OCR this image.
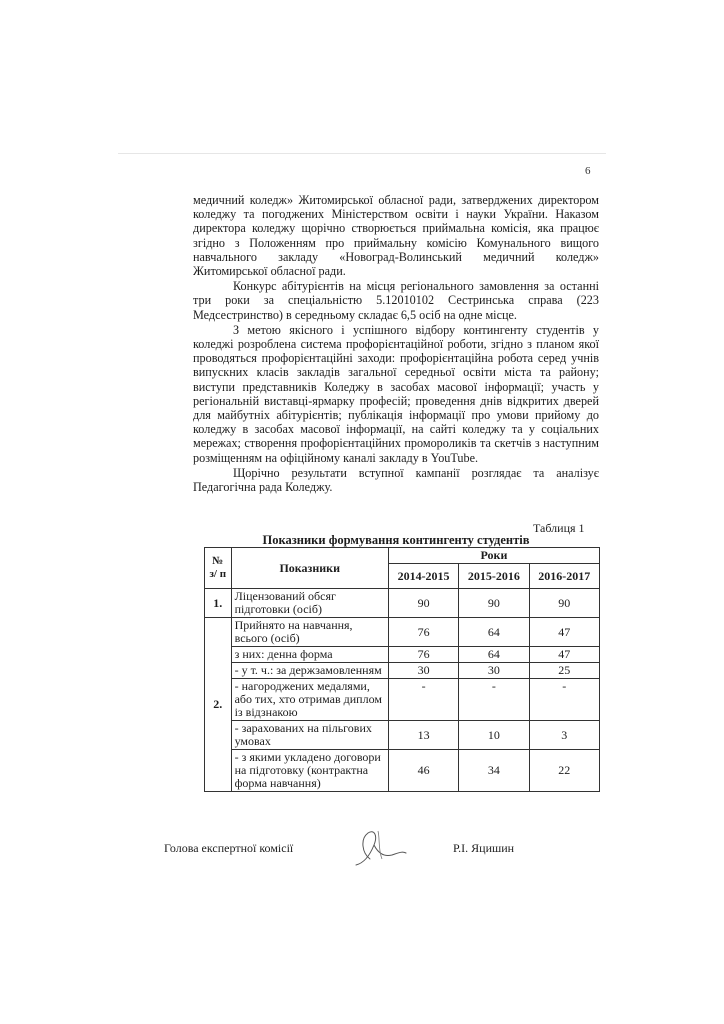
6

медичний коледж» Житомирської обласної ради, затверджених директором коледжу та погоджених Міністерством освіти і науки України. Наказом директора коледжу щорічно створюється приймальна комісія, яка працює згідно з Положенням про приймальну комісію Комунального вищого навчального закладу «Новоград-Волинський медичний коледж» Житомирської обласної ради.

Конкурс абітурієнтів на місця регіонального замовлення за останні три роки за спеціальністю 5.12010102 Сестринська справа (223 Медсестринство) в середньому складає 6,5 осіб на одне місце.

З метою якісного і успішного відбору контингенту студентів у коледжі розроблена система профорієнтаційної роботи, згідно з планом якої проводяться профорієнтаційні заходи: профорієнтаційна робота серед учнів випускних класів закладів загальної середньої освіти міста та району; виступи представників Коледжу в засобах масової інформації; участь у регіональній виставці-ярмарку професій; проведення днів відкритих дверей для майбутніх абітурієнтів; публікація інформації про умови прийому до коледжу в засобах масової інформації, на сайті коледжу та у соціальних мережах; створення профорієнтаційних проморoликів та скетчів з наступним розміщенням на офіційному каналі закладу в YouTube.

Щорічно результати вступної кампанії розглядає та аналізує Педагогічна рада Коледжу.

Таблиця 1
Показники формування контингенту студентів
№ з/ п	Показники	Роки		
		2014-2015	2015-2016	2016-2017
1.	Ліцензований обсяг підготовки (осіб)	90	90	90
2.	Прийнято на навчання, всього (осіб)	76	64	47
	з них: денна форма	76	64	47
	- у т. ч.: за держзамовленням	30	30	25
	- нагороджених медалями, або тих, хто отримав диплом із відзнакою	-	-	-
	- зарахованих на пільгових умовах	13	10	3
	- з якими укладено договори на підготовку (контрактна форма навчання)	46	34	22
Голова експертної комісії	Р.І. Яцишин
